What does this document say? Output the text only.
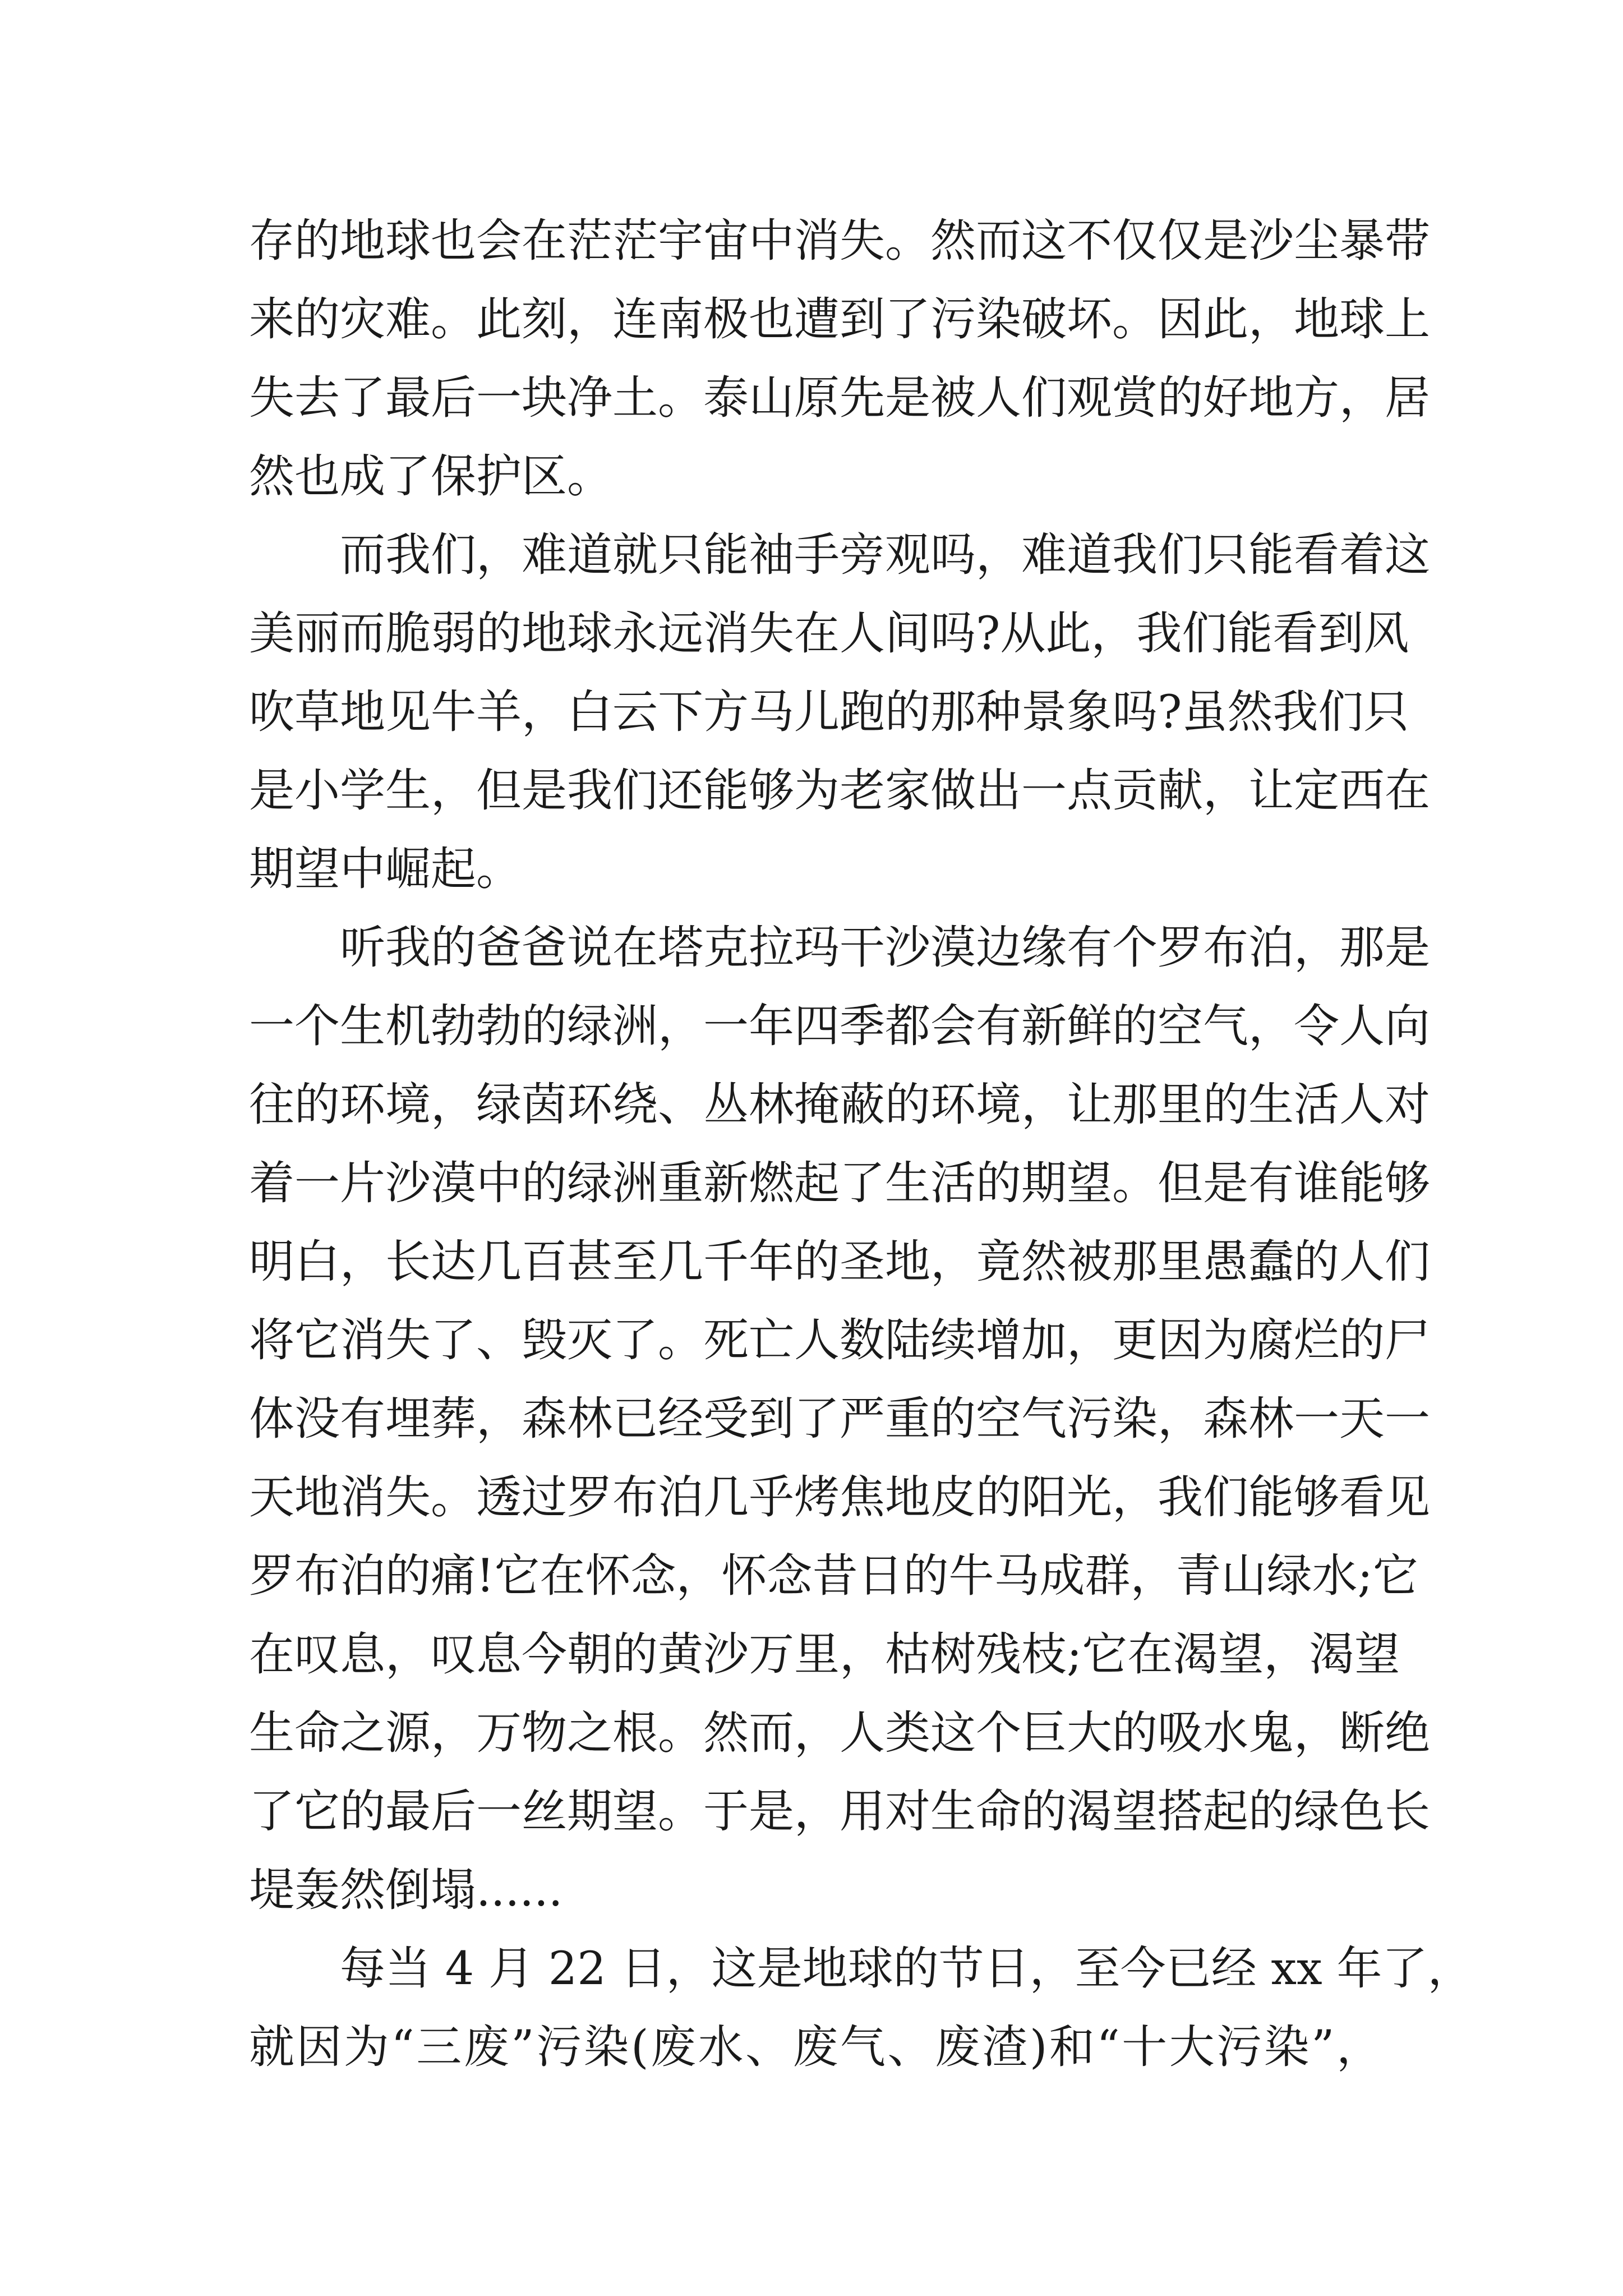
存的地球也会在茫茫宇宙中消失。然而这不仅仅是沙尘暴带
来的灾难。此刻，连南极也遭到了污染破坏。因此，地球上
失去了最后一块净土。泰山原先是被人们观赏的好地方，居
然也成了保护区。
而我们，难道就只能袖手旁观吗，难道我们只能看着这
美丽而脆弱的地球永远消失在人间吗?从此，我们能看到风
吹草地见牛羊，白云下方马儿跑的那种景象吗?虽然我们只
是小学生，但是我们还能够为老家做出一点贡献，让定西在
期望中崛起。
听我的爸爸说在塔克拉玛干沙漠边缘有个罗布泊，那是
一个生机勃勃的绿洲，一年四季都会有新鲜的空气，令人向
往的环境，绿茵环绕、丛林掩蔽的环境，让那里的生活人对
着一片沙漠中的绿洲重新燃起了生活的期望。但是有谁能够
明白，长达几百甚至几千年的圣地，竟然被那里愚蠢的人们
将它消失了、毁灭了。死亡人数陆续增加，更因为腐烂的尸
体没有埋葬，森林已经受到了严重的空气污染，森林一天一
天地消失。透过罗布泊几乎烤焦地皮的阳光，我们能够看见
罗布泊的痛!它在怀念，怀念昔日的牛马成群，青山绿水;它
在叹息，叹息今朝的黄沙万里，枯树残枝;它在渴望，渴望
生命之源，万物之根。然而，人类这个巨大的吸水鬼，断绝
了它的最后一丝期望。于是，用对生命的渴望搭起的绿色长
堤轰然倒塌......
每当 4 月 22 日，这是地球的节日，至今已经 xx 年了，
就因为“三废”污染(废水、废气、废渣)和“十大污染”，
